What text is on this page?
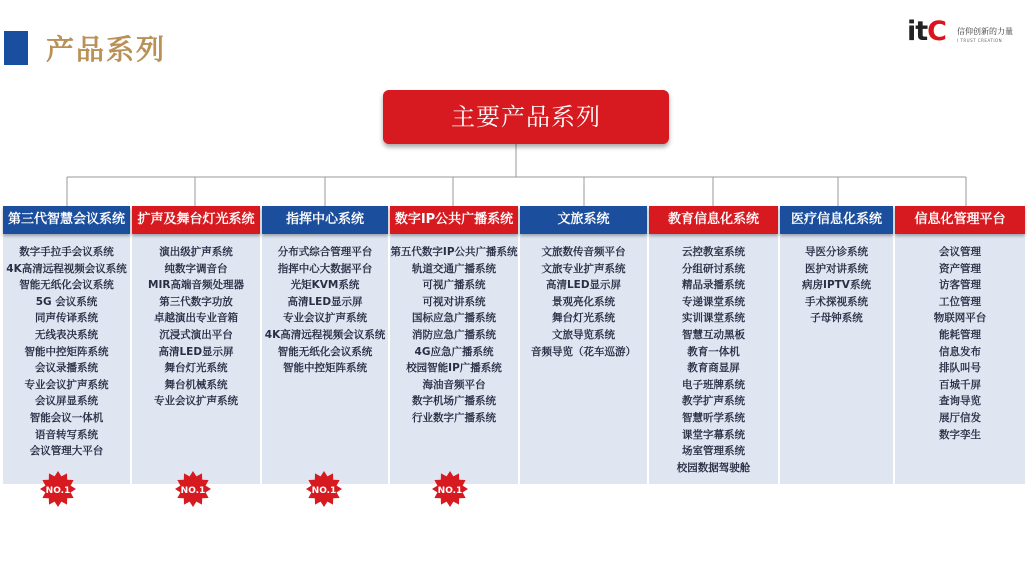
产品系列
itC 信仰创新的力量
I TRUST CREATION
主要产品系列
第三代智慧会议系统
数字手拉手会议系统
4K高清远程视频会议系统
智能无纸化会议系统
5G 会议系统
同声传译系统
无线表决系统
智能中控矩阵系统
会议录播系统
专业会议扩声系统
会议屏显系统
智能会议一体机
语音转写系统
会议管理大平台
扩声及舞台灯光系统
演出级扩声系统
纯数字调音台
MIR高端音频处理器
第三代数字功放
卓越演出专业音箱
沉浸式演出平台
高清LED显示屏
舞台灯光系统
舞台机械系统
专业会议扩声系统
指挥中心系统
分布式综合管理平台
指挥中心大数据平台
光矩KVM系统
高清LED显示屏
专业会议扩声系统
4K高清远程视频会议系统
智能无纸化会议系统
智能中控矩阵系统
数字IP公共广播系统
第五代数字IP公共广播系统
轨道交通广播系统
可视广播系统
可视对讲系统
国标应急广播系统
消防应急广播系统
4G应急广播系统
校园智能IP广播系统
海油音频平台
数字机场广播系统
行业数字广播系统
文旅系统
文旅数传音频平台
文旅专业扩声系统
高清LED显示屏
景观亮化系统
舞台灯光系统
文旅导览系统
音频导览（花车巡游）
教育信息化系统
云控教室系统
分组研讨系统
精品录播系统
专递课堂系统
实训课堂系统
智慧互动黑板
教育一体机
教育商显屏
电子班牌系统
教学扩声系统
智慧听学系统
课堂字幕系统
场室管理系统
校园数据驾驶舱
医疗信息化系统
导医分诊系统
医护对讲系统
病房IPTV系统
手术探视系统
子母钟系统
信息化管理平台
会议管理
资产管理
访客管理
工位管理
物联网平台
能耗管理
信息发布
排队叫号
百城千屏
查询导览
展厅信发
数字孪生
NO.1	NO.1	NO.1	NO.1
